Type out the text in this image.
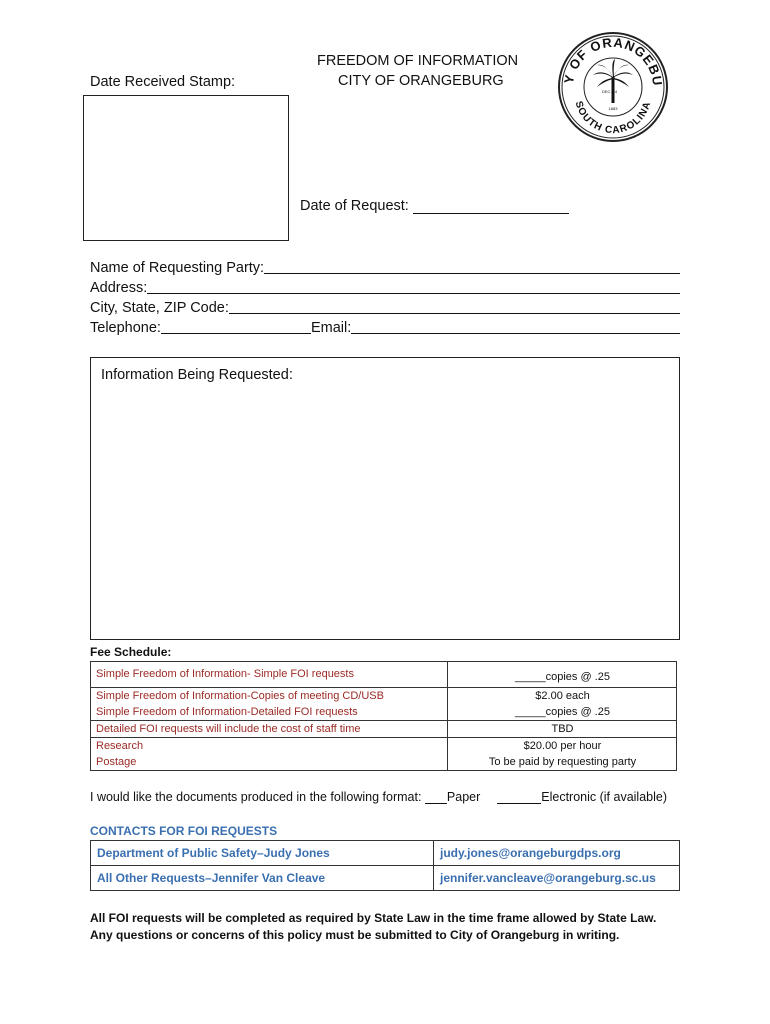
FREEDOM OF INFORMATION
CITY OF ORANGEBURG
Date Received Stamp:	Y OF ORANGEBU
SOUTH CAROLINA
DEC. 24
1883
Date of Request:
Name of Requesting Party:
Address:
City, State, ZIP Code:
Telephone:	Email:
Information Being Requested:
Fee Schedule:
Simple Freedom of Information- Simple FOI requests	_____copies @ .25
Simple Freedom of Information-Copies of meeting CD/USB	$2.00 each
Simple Freedom of Information-Detailed FOI requests	_____copies @ .25
Detailed FOI requests will include the cost of staff time	TBD
Research	$20.00 per hour
Postage	To be paid by requesting party
I would like the documents produced in the following format: Paper	Electronic (if available)
CONTACTS FOR FOI REQUESTS
Department of Public Safety–Judy Jones	judy.jones@orangeburgdps.org
All Other Requests–Jennifer Van Cleave	jennifer.vancleave@orangeburg.sc.us
All FOI requests will be completed as required by State Law in the time frame allowed by State Law.
Any questions or concerns of this policy must be submitted to City of Orangeburg in writing.
